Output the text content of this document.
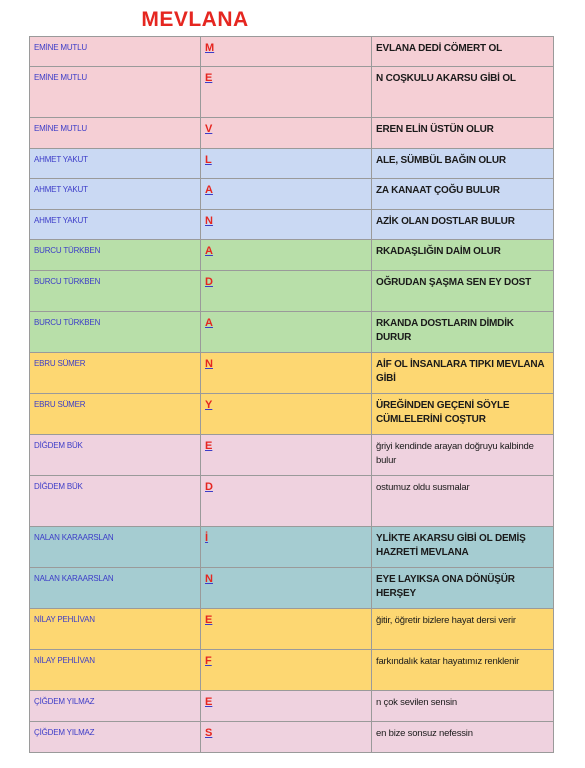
MEVLANA
EMİNE MUTLU	M	EVLANA DEDİ CÖMERT OL
EMİNE MUTLU	E	N COŞKULU AKARSU GİBİ OL
EMİNE MUTLU	V	EREN ELİN ÜSTÜN OLUR
AHMET YAKUT	L	ALE, SÜMBÜL BAĞIN OLUR
AHMET YAKUT	A	ZA KANAAT ÇOĞU BULUR
AHMET YAKUT	N	AZİK OLAN DOSTLAR BULUR
BURCU TÜRKBEN	A	RKADAŞLIĞIN DAİM OLUR
BURCU TÜRKBEN	D	OĞRUDAN ŞAŞMA SEN EY DOST
BURCU TÜRKBEN	A	RKANDA DOSTLARIN DİMDİK DURUR
EBRU SÜMER	N	AİF OL İNSANLARA TIPKI MEVLANA GİBİ
EBRU SÜMER	Y	ÜREĞİNDEN GEÇENİ SÖYLE CÜMLELERİNİ COŞTUR
DİĞDEM BÜK	E	ğriyi kendinde arayan doğruyu kalbinde bulur
DİĞDEM BÜK	D	ostumuz oldu susmalar
NALAN KARAARSLAN	İ	YLİKTE AKARSU GİBİ OL DEMİŞ HAZRETİ MEVLANA
NALAN KARAARSLAN	N	EYE LAYIKSA ONA DÖNÜŞÜR HERŞEY
NİLAY PEHLİVAN	E	ğitir, öğretir bizlere hayat dersi verir
NİLAY PEHLİVAN	F	farkındalık katar hayatımız renklenir
ÇİĞDEM YILMAZ	E	n çok sevilen sensin
ÇİĞDEM YILMAZ	S	en bize sonsuz nefessin
